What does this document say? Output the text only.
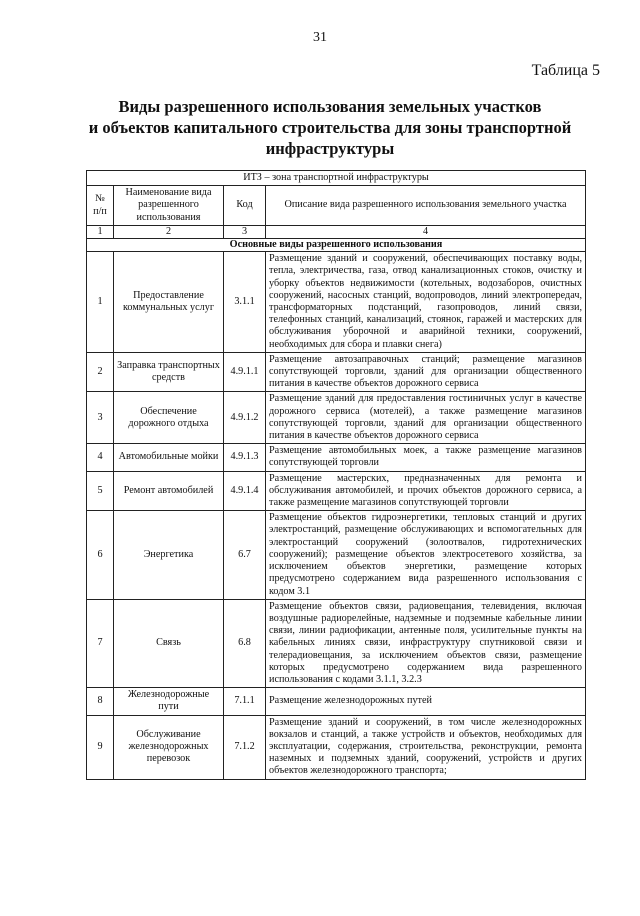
31
Таблица 5
Виды разрешенного использования земельных участков
и объектов капитального строительства для зоны транспортной
инфраструктуры
ИТЗ – зона транспортной инфраструктуры			
№ п/п	Наименование вида разрешенного использования	Код	Описание вида разрешенного использования земельного участка
1	2	3	4
Основные виды разрешенного использования			
1	Предоставление коммунальных услуг	3.1.1	Размещение зданий и сооружений, обеспечивающих поставку воды, тепла, электричества, газа, отвод канализационных стоков, очистку и уборку объектов недвижимости (котельных, водозаборов, очистных сооружений, насосных станций, водопроводов, линий электропередач, трансформаторных подстанций, газопроводов, линий связи, телефонных станций, канализаций, стоянок, гаражей и мастерских для обслуживания уборочной и аварийной техники, сооружений, необходимых для сбора и плавки снега)
2	Заправка транспортных средств	4.9.1.1	Размещение автозаправочных станций; размещение магазинов сопутствующей торговли, зданий для организации общественного питания в качестве объектов дорожного сервиса
3	Обеспечение дорожного отдыха	4.9.1.2	Размещение зданий для предоставления гостиничных услуг в качестве дорожного сервиса (мотелей), а также размещение магазинов сопутствующей торговли, зданий для организации общественного питания в качестве объектов дорожного сервиса
4	Автомобильные мойки	4.9.1.3	Размещение автомобильных моек, а также размещение магазинов сопутствующей торговли
5	Ремонт автомобилей	4.9.1.4	Размещение мастерских, предназначенных для ремонта и обслуживания автомобилей, и прочих объектов дорожного сервиса, а также размещение магазинов сопутствующей торговли
6	Энергетика	6.7	Размещение объектов гидроэнергетики, тепловых станций и других электростанций, размещение обслуживающих и вспомогательных для электростанций сооружений (золоотвалов, гидротехнических сооружений); размещение объектов электросетевого хозяйства, за исключением объектов энергетики, размещение которых предусмотрено содержанием вида разрешенного использования с кодом 3.1
7	Связь	6.8	Размещение объектов связи, радиовещания, телевидения, включая воздушные радиорелейные, надземные и подземные кабельные линии связи, линии радиофикации, антенные поля, усилительные пункты на кабельных линиях связи, инфраструктуру спутниковой связи и телерадиовещания, за исключением объектов связи, размещение которых предусмотрено содержанием вида разрешенного использования с кодами 3.1.1, 3.2.3
8	Железнодорожные пути	7.1.1	Размещение железнодорожных путей
9	Обслуживание железнодорожных перевозок	7.1.2	Размещение зданий и сооружений, в том числе железнодорожных вокзалов и станций, а также устройств и объектов, необходимых для эксплуатации, содержания, строительства, реконструкции, ремонта наземных и подземных зданий, сооружений, устройств и других объектов железнодорожного транспорта;
